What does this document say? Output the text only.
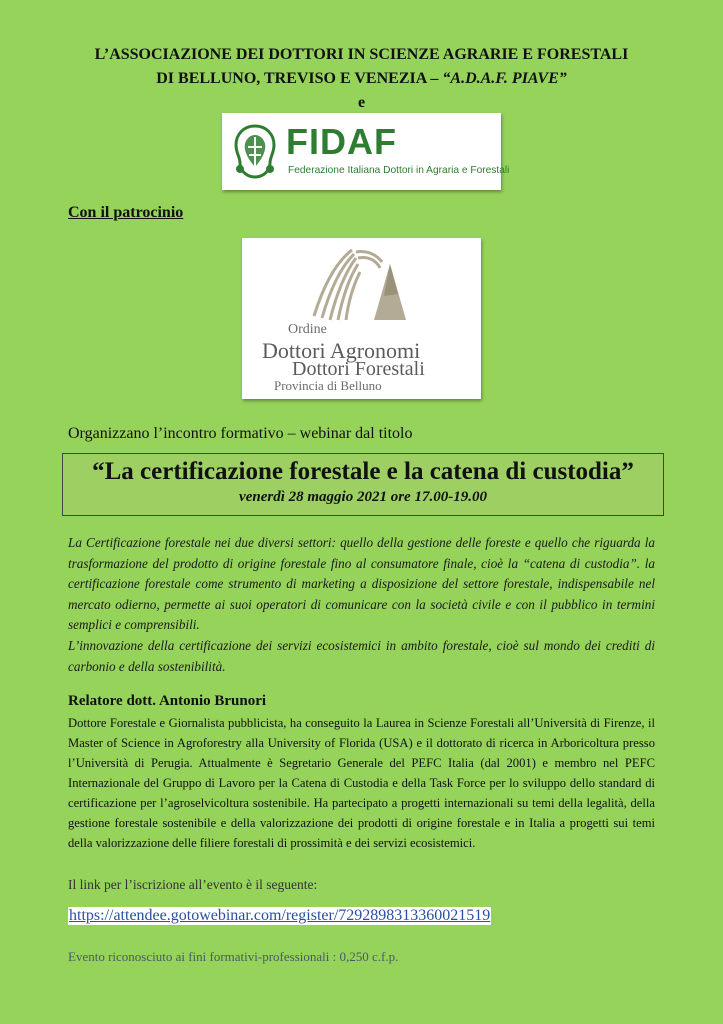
L’ASSOCIAZIONE DEI DOTTORI IN SCIENZE AGRARIE E FORESTALI
DI BELLUNO, TREVISO E VENEZIA – “A.D.A.F. PIAVE”
e
FIDAF
Federazione Italiana Dottori in Agraria e Forestali
Con il patrocinio
Ordine
Dottori Agronomi
Dottori Forestali
Provincia di Belluno
Organizzano l’incontro formativo – webinar dal titolo
“La certificazione forestale e la catena di custodia”
venerdì 28 maggio 2021 ore 17.00-19.00

La Certificazione forestale nei due diversi settori: quello della gestione delle foreste e quello che riguarda la trasformazione del prodotto di origine forestale fino al consumatore finale, cioè la “catena di custodia”. la certificazione forestale come strumento di marketing a disposizione del settore forestale, indispensabile nel mercato odierno, permette ai suoi operatori di comunicare con la società civile e con il pubblico in termini semplici e comprensibili.

L’innovazione della certificazione dei servizi ecosistemici in ambito forestale, cioè sul mondo dei crediti di carbonio e della sostenibilità.

Relatore dott. Antonio Brunori
Dottore Forestale e Giornalista pubblicista, ha conseguito la Laurea in Scienze Forestali all’Università di Firenze, il Master of Science in Agroforestry alla University of Florida (USA) e il dottorato di ricerca in Arboricoltura presso l’Università di Perugia. Attualmente è Segretario Generale del PEFC Italia (dal 2001) e membro nel PEFC Internazionale del Gruppo di Lavoro per la Catena di Custodia e della Task Force per lo sviluppo dello standard di certificazione per l’agroselvicoltura sostenibile. Ha partecipato a progetti internazionali su temi della legalità, della gestione forestale sostenibile e della valorizzazione dei prodotti di origine forestale e in Italia a progetti sui temi della valorizzazione delle filiere forestali di prossimità e dei servizi ecosistemici.
Il link per l’iscrizione all’evento è il seguente:
https://attendee.gotowebinar.com/register/7292898313360021519
Evento riconosciuto ai fini formativi-professionali : 0,250 c.f.p.
